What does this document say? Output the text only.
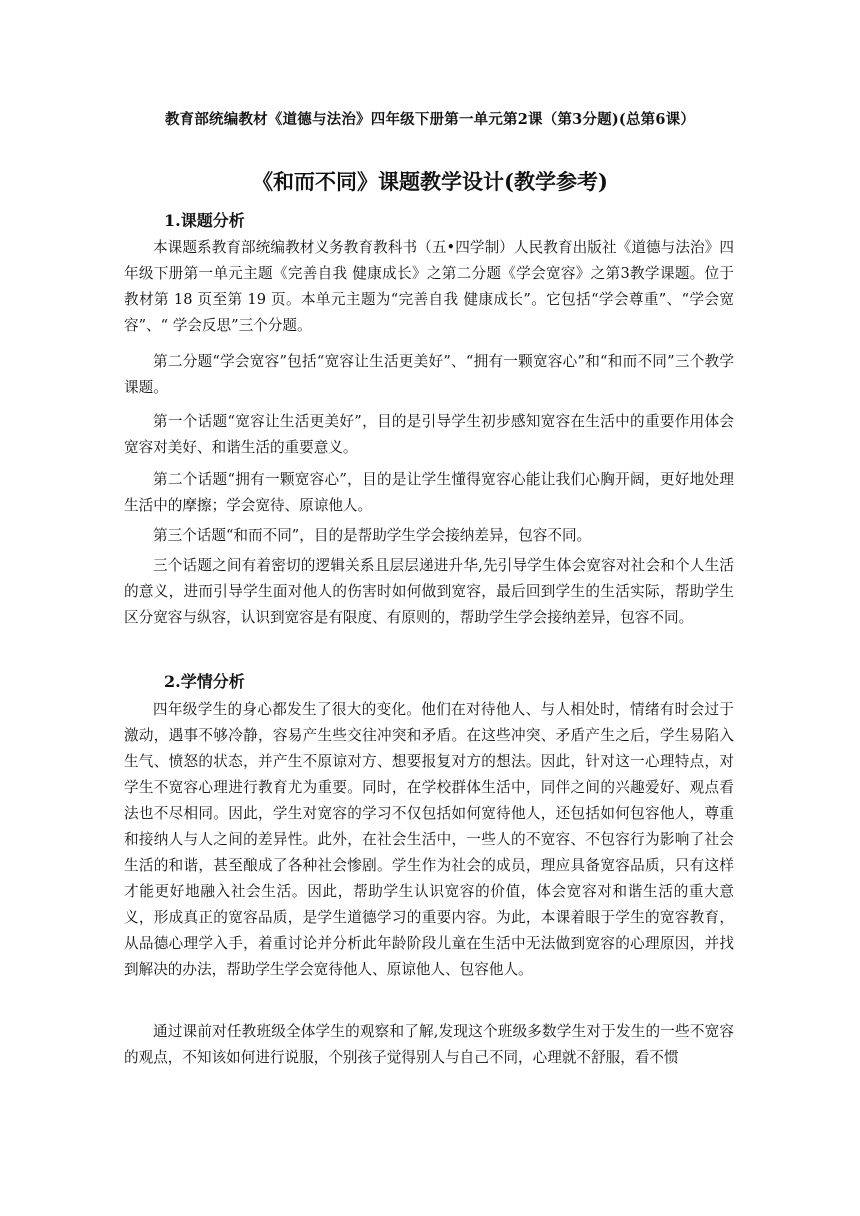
教育部统编教材《道德与法治》四年级下册第一单元第2课（第3分题)(总第6课）
《和而不同》课题教学设计(教学参考)
1.课题分析
本课题系教育部统编教材义务教育教科书（五•四学制）人民教育出版社《道德与法治》四年级下册第一单元主题《完善自我 健康成长》之第二分题《学会宽容》之第3教学课题。位于教材第 18 页至第 19 页。本单元主题为“完善自我 健康成长”。它包括“学会尊重”、“学会宽容”、“ 学会反思”三个分题。
第二分题“学会宽容”包括“宽容让生活更美好”、“拥有一颗宽容心”和“和而不同”三个教学课题。
第一个话题“宽容让生活更美好”，目的是引导学生初步感知宽容在生活中的重要作用体会宽容对美好、和谐生活的重要意义。
第二个话题“拥有一颗宽容心”，目的是让学生懂得宽容心能让我们心胸开阔，更好地处理生活中的摩擦；学会宽待、原谅他人。
第三个话题“和而不同”，目的是帮助学生学会接纳差异，包容不同。
三个话题之间有着密切的逻辑关系且层层递进升华,先引导学生体会宽容对社会和个人生活的意义，进而引导学生面对他人的伤害时如何做到宽容，最后回到学生的生活实际，帮助学生区分宽容与纵容，认识到宽容是有限度、有原则的，帮助学生学会接纳差异，包容不同。
2.学情分析
四年级学生的身心都发生了很大的变化。他们在对待他人、与人相处时，情绪有时会过于激动，遇事不够冷静，容易产生些交往冲突和矛盾。在这些冲突、矛盾产生之后，学生易陷入生气、愤怒的状态，并产生不原谅对方、想要报复对方的想法。因此，针对这一心理特点，对学生不宽容心理进行教育尤为重要。同时，在学校群体生活中，同伴之间的兴趣爱好、观点看法也不尽相同。因此，学生对宽容的学习不仅包括如何宽待他人，还包括如何包容他人，尊重和接纳人与人之间的差异性。此外，在社会生活中，一些人的不宽容、不包容行为影响了社会生活的和谐，甚至酿成了各种社会惨剧。学生作为社会的成员，理应具备宽容品质，只有这样才能更好地融入社会生活。因此，帮助学生认识宽容的价值，体会宽容对和谐生活的重大意义，形成真正的宽容品质，是学生道德学习的重要内容。为此，本课着眼于学生的宽容教育，从品德心理学入手，着重讨论并分析此年龄阶段儿童在生活中无法做到宽容的心理原因，并找到解决的办法，帮助学生学会宽待他人、原谅他人、包容他人。
通过课前对任教班级全体学生的观察和了解,发现这个班级多数学生对于发生的一些不宽容的观点，不知该如何进行说服，个别孩子觉得别人与自己不同，心理就不舒服，看不惯
